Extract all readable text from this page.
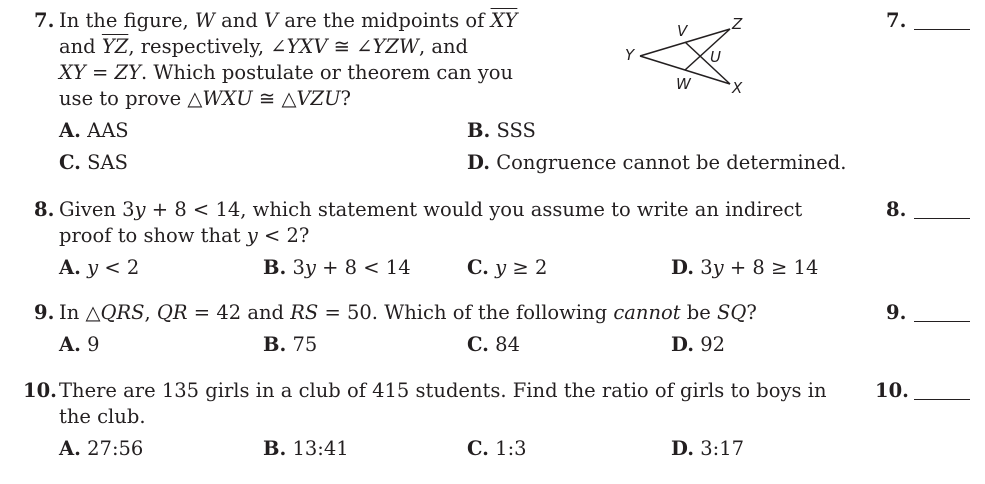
7. In the figure, W and V are the midpoints of $\overline{XY}$
and $\overline{YZ}$, respectively, ∠YXV ≅ ∠YZW, and
XY = ZY. Which postulate or theorem can you
use to prove △WXU ≅ △VZU?
V	Z
Y	U
W	X
7.
A. AAS	B. SSS
C. SAS	D. Congruence cannot be determined.
8. Given 3y + 8 < 14, which statement would you assume to write an indirect
proof to show that y < 2?
8.
A. y < 2	B. 3y + 8 < 14	C. y ≥ 2	D. 3y + 8 ≥ 14
9. In △QRS, QR = 42 and RS = 50. Which of the following cannot be SQ?	9.
A. 9	B. 75	C. 84	D. 92
10. There are 135 girls in a club of 415 students. Find the ratio of girls to boys in
the club.
10.
A. 27:56	B. 13:41	C. 1:3	D. 3:17
